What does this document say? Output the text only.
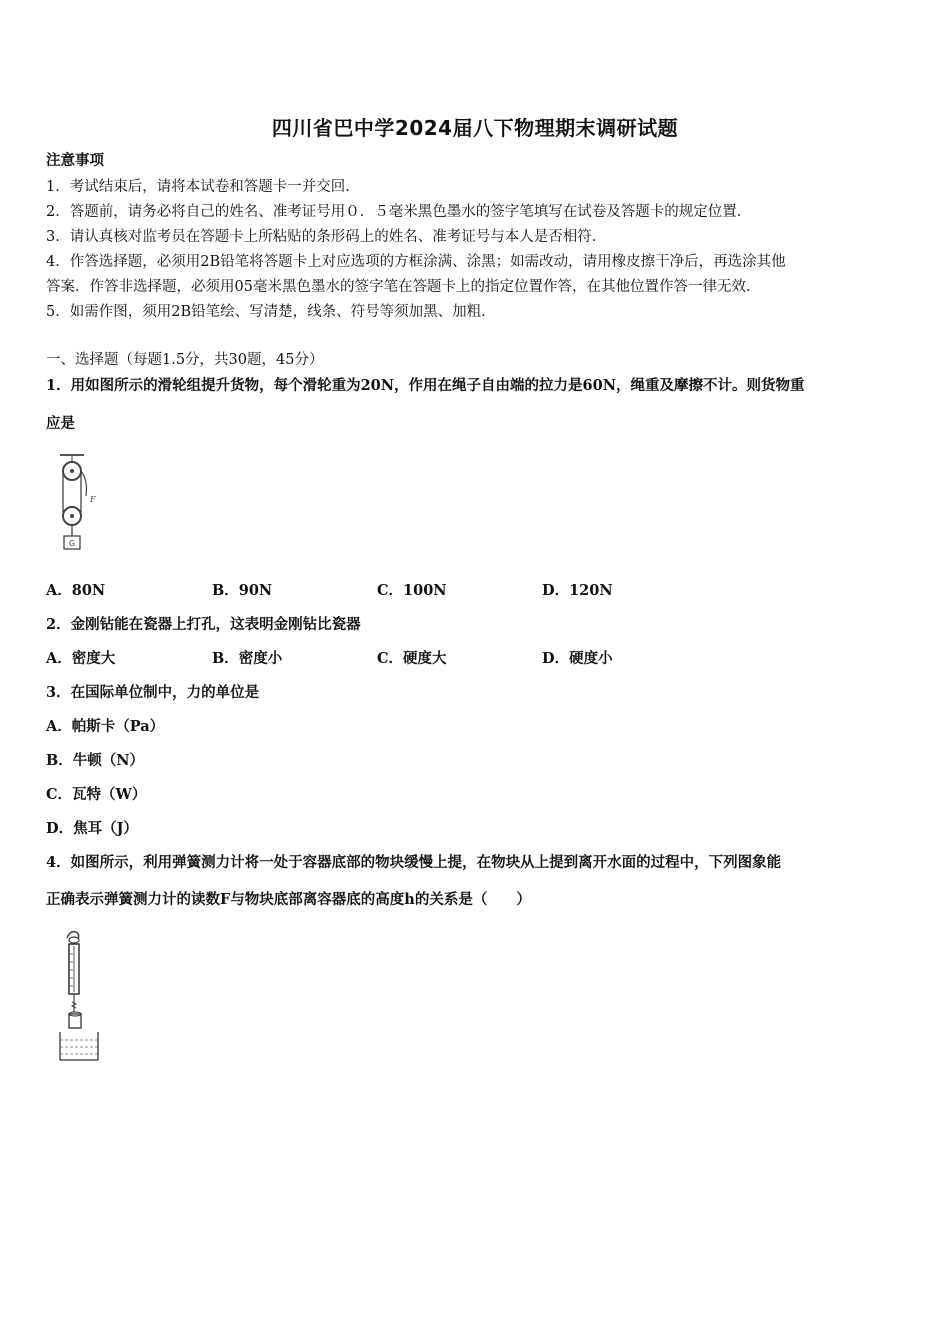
四川省巴中学2024届八下物理期末调研试题
注意事项
1．考试结束后，请将本试卷和答题卡一并交回．
2．答题前，请务必将自己的姓名、准考证号用０．５毫米黑色墨水的签字笔填写在试卷及答题卡的规定位置．
3．请认真核对监考员在答题卡上所粘贴的条形码上的姓名、准考证号与本人是否相符．
4．作答选择题，必须用2B铅笔将答题卡上对应选项的方框涂满、涂黑；如需改动，请用橡皮擦干净后，再选涂其他
答案．作答非选择题，必须用05毫米黑色墨水的签字笔在答题卡上的指定位置作答，在其他位置作答一律无效．
5．如需作图，须用2B铅笔绘、写清楚，线条、符号等须加黑、加粗．
一、选择题（每题1.5分，共30题，45分）
1．用如图所示的滑轮组提升货物，每个滑轮重为20N，作用在绳子自由端的拉力是60N，绳重及摩擦不计。则货物重
应是
G
F
A．80N	B．90N	C．100N	D．120N
2．金刚钻能在瓷器上打孔，这表明金刚钻比瓷器
A．密度大	B．密度小	C．硬度大	D．硬度小
3．在国际单位制中，力的单位是
A．帕斯卡（Pa）
B．牛顿（N）
C．瓦特（W）
D．焦耳（J）
4．如图所示，利用弹簧测力计将一处于容器底部的物块缓慢上提，在物块从上提到离开水面的过程中，下列图象能
正确表示弹簧测力计的读数F与物块底部离容器底的高度h的关系是（　　）
